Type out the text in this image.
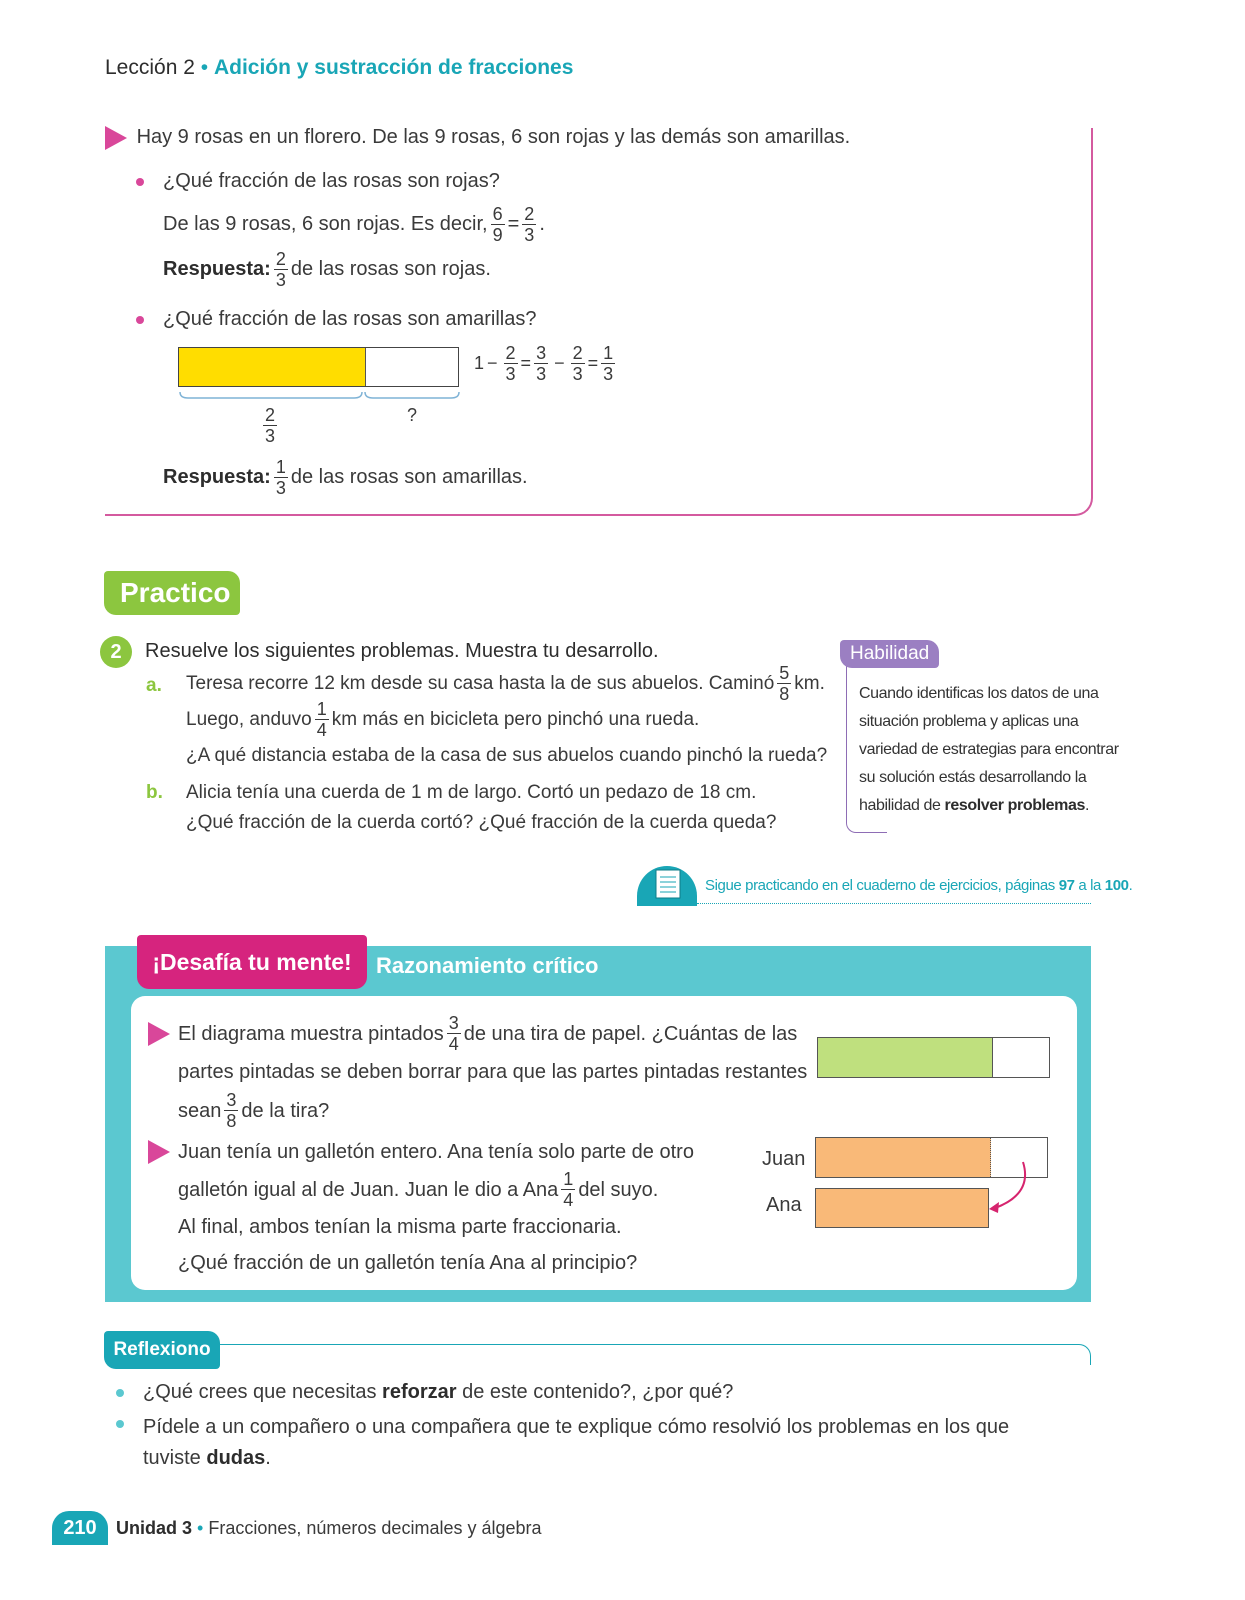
Lección 2 • Adición y sustracción de fracciones
Hay 9 rosas en un florero. De las 9 rosas, 6 son rojas y las demás son amarillas.
¿Qué fracción de las rosas son rojas?
De las 9 rosas, 6 son rojas. Es decir, $\frac{6}{9} = \frac{2}{3}$ .
Respuesta: $\frac{2}{3}$ de las rosas son rojas.
¿Qué fracción de las rosas son amarillas?
$\frac{2}{3}$	?
$1 - \frac{2}{3} = \frac{3}{3} - \frac{2}{3} = \frac{1}{3}$
Respuesta: $\frac{1}{3}$ de las rosas son amarillas.
Practico
2	Resuelve los siguientes problemas. Muestra tu desarrollo.
a. Teresa recorre 12 km desde su casa hasta la de sus abuelos. Caminó $\frac{5}{8}$ km.
Luego, anduvo $\frac{1}{4}$ km más en bicicleta pero pinchó una rueda.
¿A qué distancia estaba de la casa de sus abuelos cuando pinchó la rueda?
b. Alicia tenía una cuerda de 1 m de largo. Cortó un pedazo de 18 cm.
¿Qué fracción de la cuerda cortó? ¿Qué fracción de la cuerda queda?
Habilidad
Cuando identificas los datos de una
situación problema y aplicas una
variedad de estrategias para encontrar
su solución estás desarrollando la
habilidad de resolver problemas.
Sigue practicando en el cuaderno de ejercicios, páginas 97 a la 100.
¡Desafía tu mente!	Razonamiento crítico
El diagrama muestra pintados $\frac{3}{4}$ de una tira de papel. ¿Cuántas de las
partes pintadas se deben borrar para que las partes pintadas restantes
sean $\frac{3}{8}$ de la tira?
Juan tenía un galletón entero. Ana tenía solo parte de otro
galletón igual al de Juan. Juan le dio a Ana $\frac{1}{4}$ del suyo.
Al final, ambos tenían la misma parte fraccionaria.
¿Qué fracción de un galletón tenía Ana al principio?
Juan
Ana
Reflexiono
¿Qué crees que necesitas reforzar de este contenido?, ¿por qué?
Pídele a un compañero o una compañera que te explique cómo resolvió los problemas en los que
tuviste dudas.
210	Unidad 3 • Fracciones, números decimales y álgebra
